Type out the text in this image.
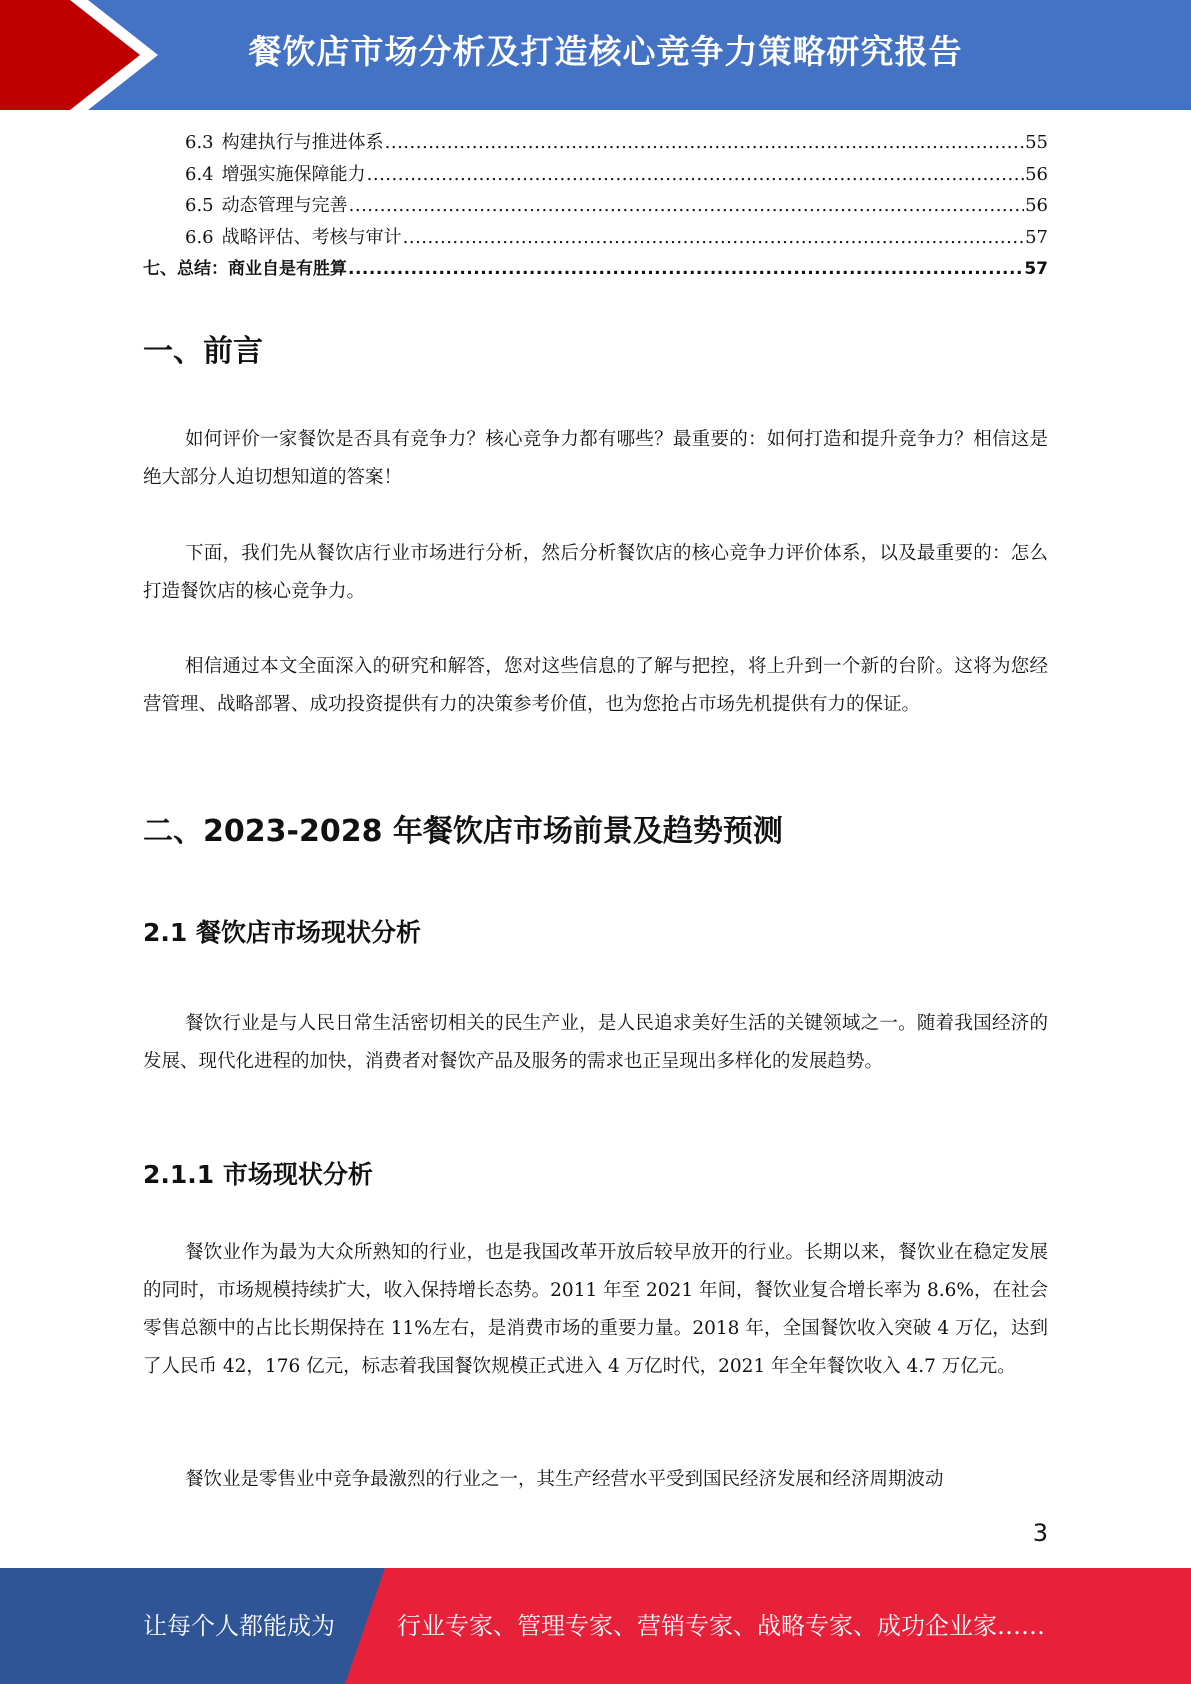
餐饮店市场分析及打造核心竞争力策略研究报告
6.3 构建执行与推进体系 .....	55
6.4 增强实施保障能力 .....	56
6.5 动态管理与完善 .....	56
6.6 战略评估、考核与审计 .....	57
七、总结：商业自是有胜算 .....	57
一、前言
如何评价一家餐饮是否具有竞争力？核心竞争力都有哪些？最重要的：如何打造和提升竞争力？相信这是绝大部分人迫切想知道的答案！
下面，我们先从餐饮店行业市场进行分析，然后分析餐饮店的核心竞争力评价体系，以及最重要的：怎么打造餐饮店的核心竞争力。
相信通过本文全面深入的研究和解答，您对这些信息的了解与把控，将上升到一个新的台阶。这将为您经营管理、战略部署、成功投资提供有力的决策参考价值，也为您抢占市场先机提供有力的保证。
二、2023-2028 年餐饮店市场前景及趋势预测
2.1 餐饮店市场现状分析
餐饮行业是与人民日常生活密切相关的民生产业，是人民追求美好生活的关键领域之一。随着我国经济的发展、现代化进程的加快，消费者对餐饮产品及服务的需求也正呈现出多样化的发展趋势。
2.1.1 市场现状分析
餐饮业作为最为大众所熟知的行业，也是我国改革开放后较早放开的行业。长期以来，餐饮业在稳定发展的同时，市场规模持续扩大，收入保持增长态势。2011 年至 2021 年间，餐饮业复合增长率为 8.6%，在社会零售总额中的占比长期保持在 11%左右，是消费市场的重要力量。2018 年，全国餐饮收入突破 4 万亿，达到了人民币 42，176 亿元，标志着我国餐饮规模正式进入 4 万亿时代，2021 年全年餐饮收入 4.7 万亿元。
餐饮业是零售业中竞争最激烈的行业之一，其生产经营水平受到国民经济发展和经济周期波动
3
让每个人都能成为	行业专家、管理专家、营销专家、战略专家、成功企业家……
